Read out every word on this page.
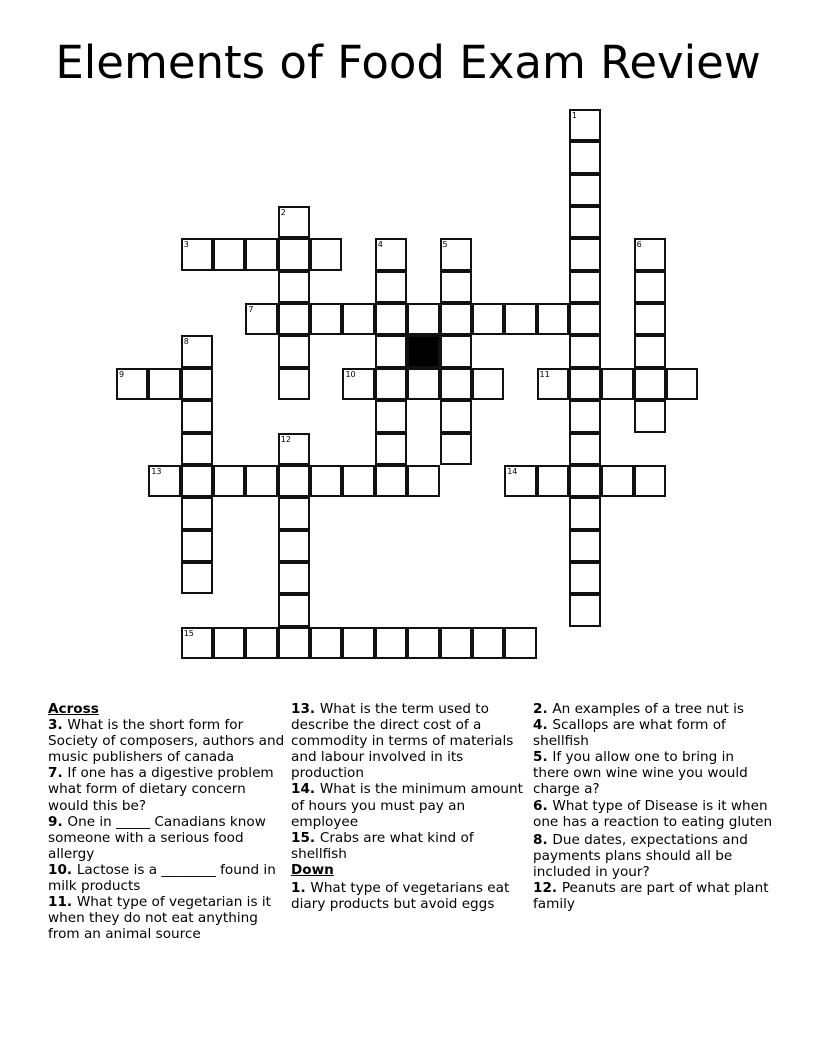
Elements of Food Exam Review
1
2
3	4	5	6
7
8
9	10	11
12
13	14
15
Across
3. What is the short form for Society of composers, authors and music publishers of canada
7. If one has a digestive problem what form of dietary concern would this be?
9. One in _____ Canadians know someone with a serious food allergy
10. Lactose is a ________ found in milk products
11. What type of vegetarian is it when they do not eat anything from an animal source
13. What is the term used to describe the direct cost of a commodity in terms of materials and labour involved in its production
14. What is the minimum amount of hours you must pay an employee
15. Crabs are what kind of shellfish
Down
1. What type of vegetarians eat diary products but avoid eggs
2. An examples of a tree nut is
4. Scallops are what form of shellfish
5. If you allow one to bring in there own wine wine you would charge a?
6. What type of Disease is it when one has a reaction to eating gluten
8. Due dates, expectations and payments plans should all be included in your?
12. Peanuts are part of what plant family
